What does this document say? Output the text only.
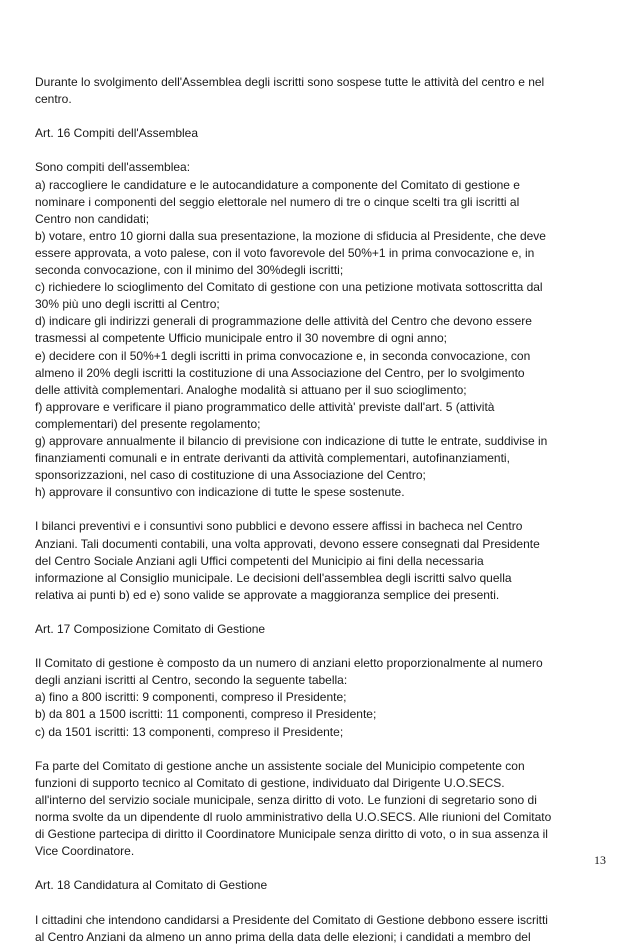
Durante lo svolgimento dell'Assemblea degli iscritti sono sospese tutte le attività del centro e nel

centro.

Art. 16 Compiti dell'Assemblea

Sono compiti dell'assemblea:

a) raccogliere le candidature e le autocandidature a componente del Comitato di gestione e

nominare i componenti del seggio elettorale nel numero di tre o cinque scelti tra gli iscritti al

Centro non candidati;

b) votare, entro 10 giorni dalla sua presentazione, la mozione di sfiducia al Presidente, che deve

essere approvata, a voto palese, con il voto favorevole del 50%+1 in prima convocazione e, in

seconda convocazione, con il minimo del 30%degli iscritti;

c) richiedere lo scioglimento del Comitato di gestione con una petizione motivata sottoscritta dal

30% più uno degli iscritti al Centro;

d) indicare gli indirizzi generali di programmazione delle attività del Centro che devono essere

trasmessi al competente Ufficio municipale entro il 30 novembre di ogni anno;

e) decidere con il 50%+1 degli iscritti in prima convocazione e, in seconda convocazione, con

almeno il 20% degli iscritti la costituzione di una Associazione del Centro, per lo svolgimento

delle attività complementari. Analoghe modalità si attuano per il suo scioglimento;

f) approvare e verificare il piano programmatico delle attività' previste dall'art. 5 (attività

complementari) del presente regolamento;

g) approvare annualmente il bilancio di previsione con indicazione di tutte le entrate, suddivise in

finanziamenti comunali e in entrate derivanti da attività complementari, autofinanziamenti,

sponsorizzazioni, nel caso di costituzione di una Associazione del Centro;

h) approvare il consuntivo con indicazione di tutte le spese sostenute.

I bilanci preventivi e i consuntivi sono pubblici e devono essere affissi in bacheca nel Centro

Anziani. Tali documenti contabili, una volta approvati, devono essere consegnati dal Presidente

del Centro Sociale Anziani agli Uffici competenti del Municipio ai fini della necessaria

informazione al Consiglio municipale. Le decisioni dell'assemblea degli iscritti salvo quella

relativa ai punti b) ed e) sono valide se approvate a maggioranza semplice dei presenti.

Art. 17 Composizione Comitato di Gestione

Il Comitato di gestione è composto da un numero di anziani eletto proporzionalmente al numero

degli anziani iscritti al Centro, secondo la seguente tabella:

a) fino a 800 iscritti: 9 componenti, compreso il Presidente;

b) da 801 a 1500 iscritti: 11 componenti, compreso il Presidente;

c) da 1501 iscritti: 13 componenti, compreso il Presidente;

Fa parte del Comitato di gestione anche un assistente sociale del Municipio competente con

funzioni di supporto tecnico al Comitato di gestione, individuato dal Dirigente U.O.SECS.

all'interno del servizio sociale municipale, senza diritto di voto. Le funzioni di segretario sono di

norma svolte da un dipendente dl ruolo amministrativo della U.O.SECS. Alle riunioni del Comitato

di Gestione partecipa di diritto il Coordinatore Municipale senza diritto di voto, o in sua assenza il

Vice Coordinatore.

Art. 18 Candidatura al Comitato di Gestione

I cittadini che intendono candidarsi a Presidente del Comitato di Gestione debbono essere iscritti

al Centro Anziani da almeno un anno prima della data delle elezioni; i candidati a membro del

13
